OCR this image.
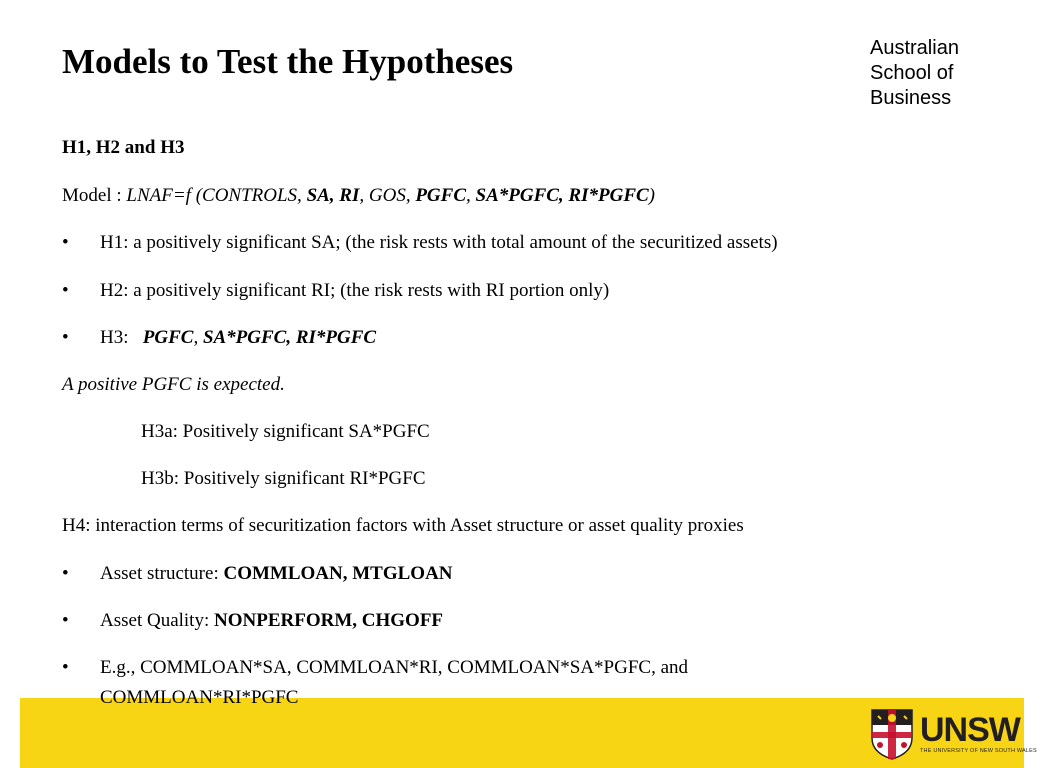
Models to Test the Hypotheses	Australian
School of
Business
H1, H2 and H3
Model : LNAF=f (CONTROLS, SA, RI, GOS, PGFC, SA*PGFC, RI*PGFC)
• H1: a positively significant SA; (the risk rests with total amount of the securitized assets)
• H2: a positively significant RI; (the risk rests with RI portion only)
• H3:   PGFC, SA*PGFC, RI*PGFC
A positive PGFC is expected.
H3a: Positively significant SA*PGFC
H3b: Positively significant RI*PGFC
H4: interaction terms of securitization factors with Asset structure or asset quality proxies
• Asset structure: COMMLOAN, MTGLOAN
• Asset Quality: NONPERFORM, CHGOFF
• E.g., COMMLOAN*SA, COMMLOAN*RI, COMMLOAN*SA*PGFC, and
COMMLOAN*RI*PGFC
UNSW
THE UNIVERSITY OF NEW SOUTH WALES
